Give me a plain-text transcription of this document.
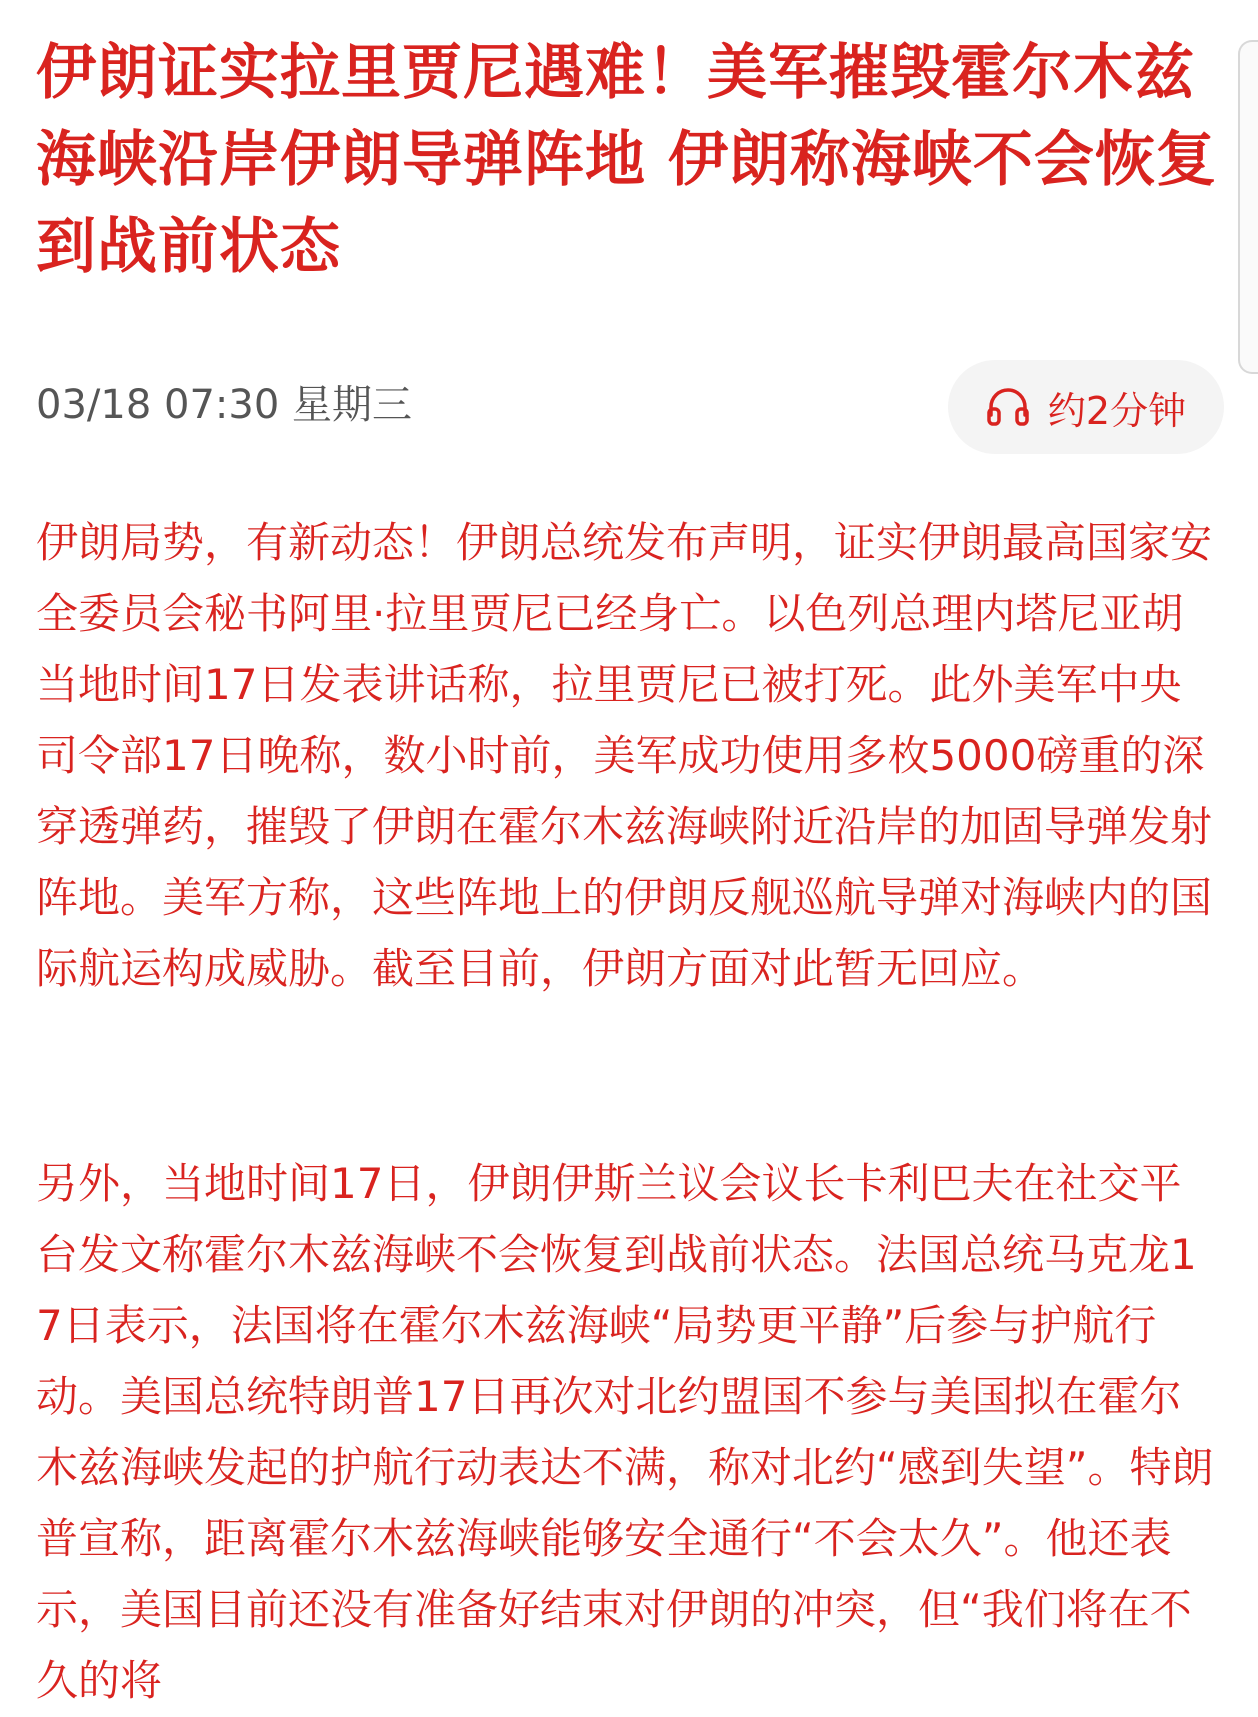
伊朗证实拉里贾尼遇难！美军摧毁霍尔木兹海峡沿岸伊朗导弹阵地 伊朗称海峡不会恢复到战前状态
03/18 07:30 星期三	约2分钟

伊朗局势，有新动态！伊朗总统发布声明，证实伊朗最高国家安全委员会秘书阿里·拉里贾尼已经身亡。以色列总理内塔尼亚胡当地时间17日发表讲话称，拉里贾尼已被打死。此外美军中央司令部17日晚称，数小时前，美军成功使用多枚5000磅重的深穿透弹药，摧毁了伊朗在霍尔木兹海峡附近沿岸的加固导弹发射阵地。美军方称，这些阵地上的伊朗反舰巡航导弹对海峡内的国际航运构成威胁。截至目前，伊朗方面对此暂无回应。

另外，当地时间17日，伊朗伊斯兰议会议长卡利巴夫在社交平台发文称霍尔木兹海峡不会恢复到战前状态。法国总统马克龙17日表示，法国将在霍尔木兹海峡“局势更平静”后参与护航行动。美国总统特朗普17日再次对北约盟国不参与美国拟在霍尔木兹海峡发起的护航行动表达不满，称对北约“感到失望”。特朗普宣称，距离霍尔木兹海峡能够安全通行“不会太久”。他还表示，美国目前还没有准备好结束对伊朗的冲突，但“我们将在不久的将
